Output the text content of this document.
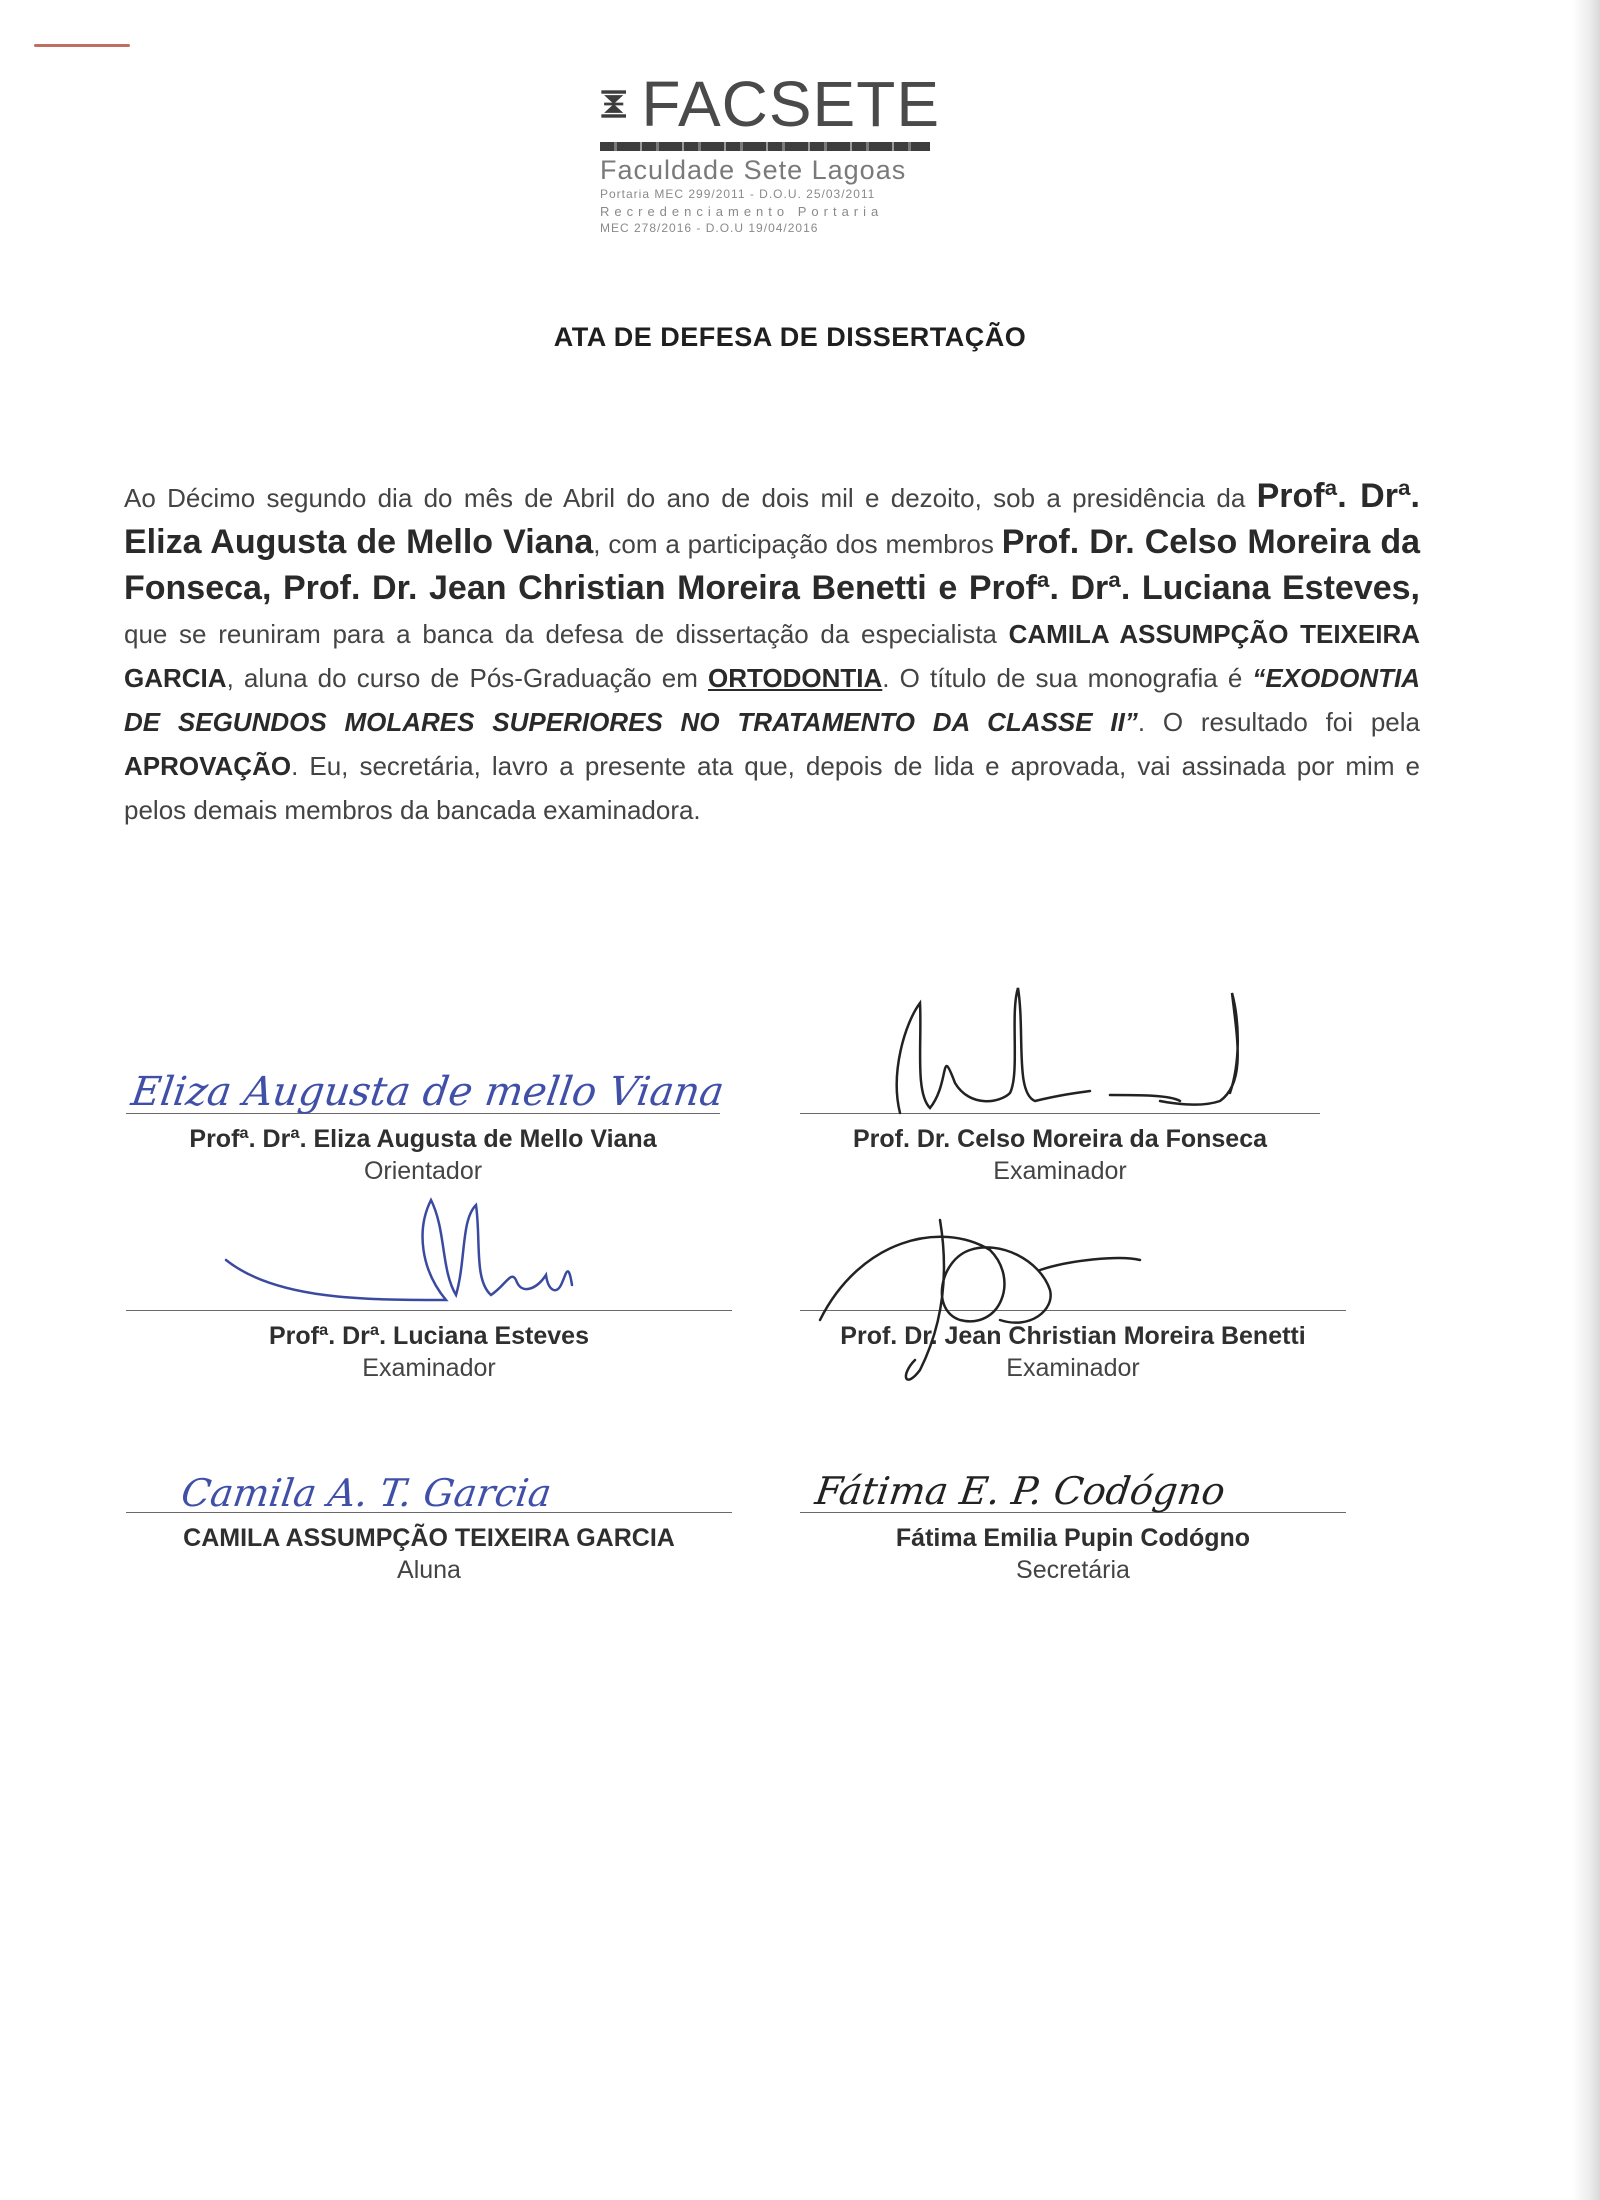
FACSETE
Faculdade Sete Lagoas
Portaria MEC 299/2011 - D.O.U. 25/03/2011
Recredenciamento Portaria
MEC 278/2016 - D.O.U 19/04/2016
ATA DE DEFESA DE DISSERTAÇÃO
Ao Décimo segundo dia do mês de Abril do ano de dois mil e dezoito, sob a presidência da Profª. Drª. Eliza Augusta de Mello Viana, com a participação dos membros Prof. Dr. Celso Moreira da Fonseca, Prof. Dr. Jean Christian Moreira Benetti e Profª. Drª. Luciana Esteves, que se reuniram para a banca da defesa de dissertação da especialista CAMILA ASSUMPÇÃO TEIXEIRA GARCIA, aluna do curso de Pós-Graduação em ORTODONTIA. O título de sua monografia é “EXODONTIA DE SEGUNDOS MOLARES SUPERIORES NO TRATAMENTO DA CLASSE II”. O resultado foi pela APROVAÇÃO. Eu, secretária, lavro a presente ata que, depois de lida e aprovada, vai assinada por mim e pelos demais membros da bancada examinadora.
Eliza Augusta de mello Viana
Profª. Drª. Eliza Augusta de Mello Viana
Orientador
Prof. Dr. Celso Moreira da Fonseca
Examinador
Profª. Drª. Luciana Esteves
Examinador
Prof. Dr. Jean Christian Moreira Benetti
Examinador
Camila A. T. Garcia
CAMILA ASSUMPÇÃO TEIXEIRA GARCIA
Aluna
Fátima E. P. Codógno
Fátima Emilia Pupin Codógno
Secretária
